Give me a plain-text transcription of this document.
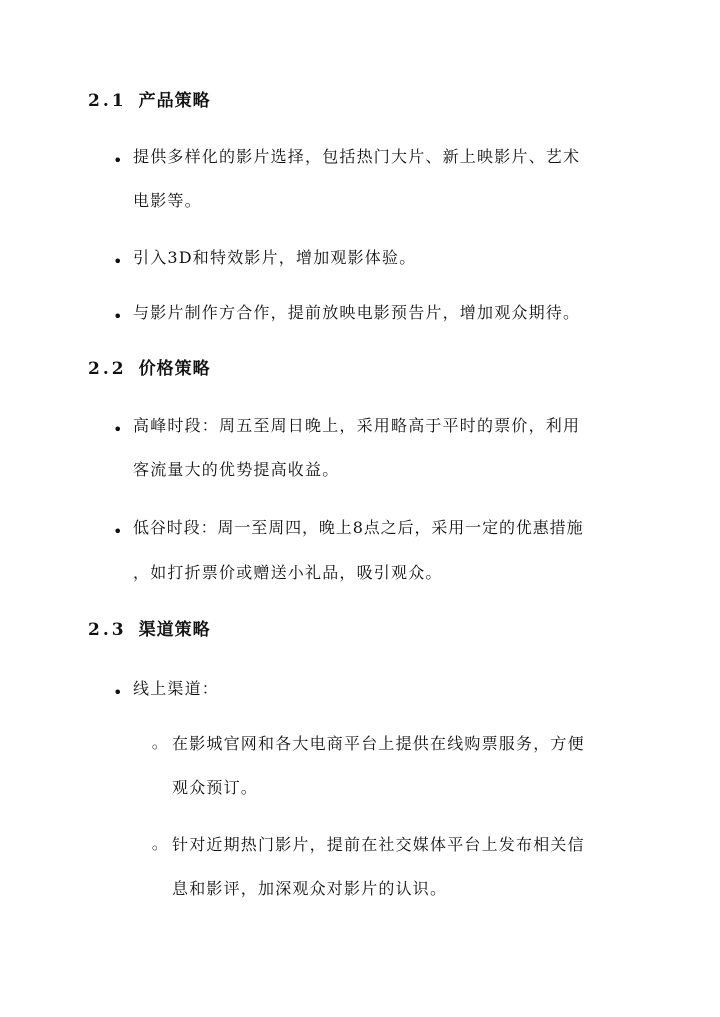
2.1 产品策略
• 提供多样化的影片选择，包括热门大片、新上映影片、艺术
电影等。
• 引入3D和特效影片，增加观影体验。
• 与影片制作方合作，提前放映电影预告片，增加观众期待。
2.2 价格策略
• 高峰时段：周五至周日晚上，采用略高于平时的票价，利用
客流量大的优势提高收益。
• 低谷时段：周一至周四，晚上8点之后，采用一定的优惠措施
，如打折票价或赠送小礼品，吸引观众。
2.3 渠道策略
• 线上渠道：
◦ 在影城官网和各大电商平台上提供在线购票服务，方便
观众预订。
◦ 针对近期热门影片，提前在社交媒体平台上发布相关信
息和影评，加深观众对影片的认识。
